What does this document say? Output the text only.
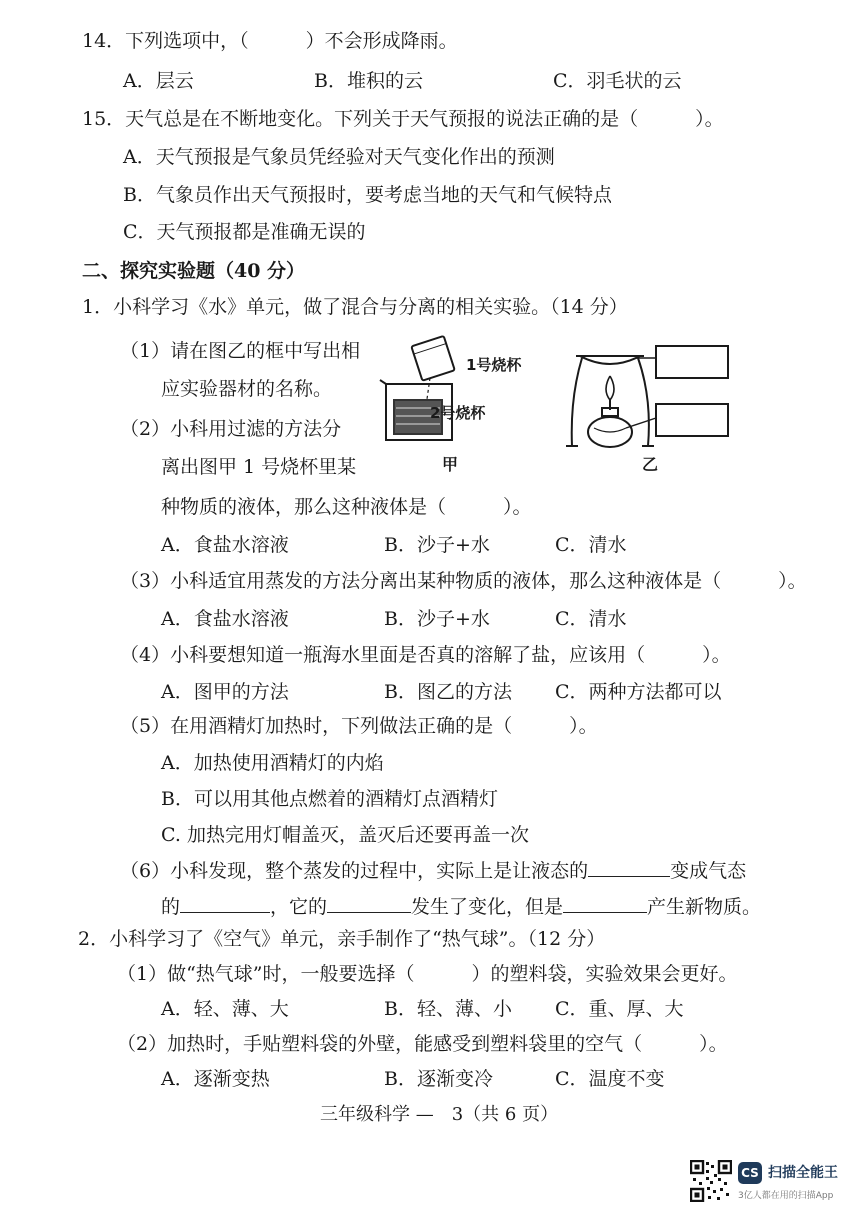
14．下列选项中，（　　　）不会形成降雨。
A．层云	B．堆积的云	C．羽毛状的云
15．天气总是在不断地变化。下列关于天气预报的说法正确的是（　　　）。
A．天气预报是气象员凭经验对天气变化作出的预测
B．气象员作出天气预报时，要考虑当地的天气和气候特点
C．天气预报都是准确无误的
二、探究实验题（40 分）
1．小科学习《水》单元，做了混合与分离的相关实验。（14 分）
（1）请在图乙的框中写出相
应实验器材的名称。
（2）小科用过滤的方法分
离出图甲 1 号烧杯里某
种物质的液体，那么这种液体是（　　　）。
A．食盐水溶液	B．沙子+水	C．清水
1号烧杯
2号烧杯
甲	乙
（3）小科适宜用蒸发的方法分离出某种物质的液体，那么这种液体是（　　　）。
A．食盐水溶液	B．沙子+水	C．清水
（4）小科要想知道一瓶海水里面是否真的溶解了盐，应该用（　　　）。
A．图甲的方法	B．图乙的方法 C．两种方法都可以
（5）在用酒精灯加热时，下列做法正确的是（　　　）。
A．加热使用酒精灯的内焰
B．可以用其他点燃着的酒精灯点酒精灯
C. 加热完用灯帽盖灭，盖灭后还要再盖一次
（6）小科发现，整个蒸发的过程中，实际上是让液态的	变成气态
的	，它的	发生了变化，但是	产生新物质。
2．小科学习了《空气》单元，亲手制作了“热气球”。（12 分）
（1）做“热气球”时，一般要选择（　　　）的塑料袋，实验效果会更好。
A．轻、薄、大	B．轻、薄、小 C．重、厚、大
（2）加热时，手贴塑料袋的外壁，能感受到塑料袋里的空气（　　　）。
A．逐渐变热	B．逐渐变冷	C．温度不变
三年级科学 —　3（共 6 页）
CS 扫描全能王
3亿人都在用的扫描App
